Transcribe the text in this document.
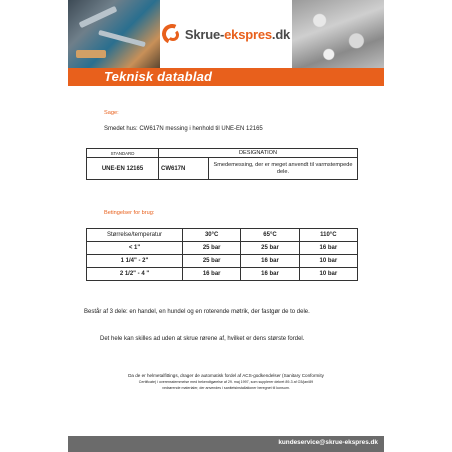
Skrue-ekspres.dk
Teknisk datablad
Sage:
Smedet hus: CW617N messing i henhold til UNE-EN 12165
STANDARD	DESIGNATION	
UNE-EN 12165	CW617N	Smedemessing, der er meget anvendt til varmstempede dele.
Betingelser for brug:
Størrelse/temperatur	30°C	65°C	110°C
< 1"	25 bar	25 bar	16 bar
1 1/4" - 2"	25 bar	16 bar	10 bar
2 1/2" - 4 "	16 bar	16 bar	10 bar
Består af 3 dele: en handel, en hundel og en roterende møtrik, der fastgør de to dele.
Det hele kan skilles ad uden at skrue rørene af, hvilket er dens største fordel.
Da de er helmetalfittings, drager de automatisk fordel af ACS-godkendelser (Sanitary Conformity
Certificate) i overensstemmelse med bekendtgørelse af 29. maj 1997, som supplerer dekret 89-3 af O3/jan/89
vedrørende materialer, der anvendes i sanitetsinstallationer beregnet til konsum.
kundeservice@skrue-ekspres.dk
